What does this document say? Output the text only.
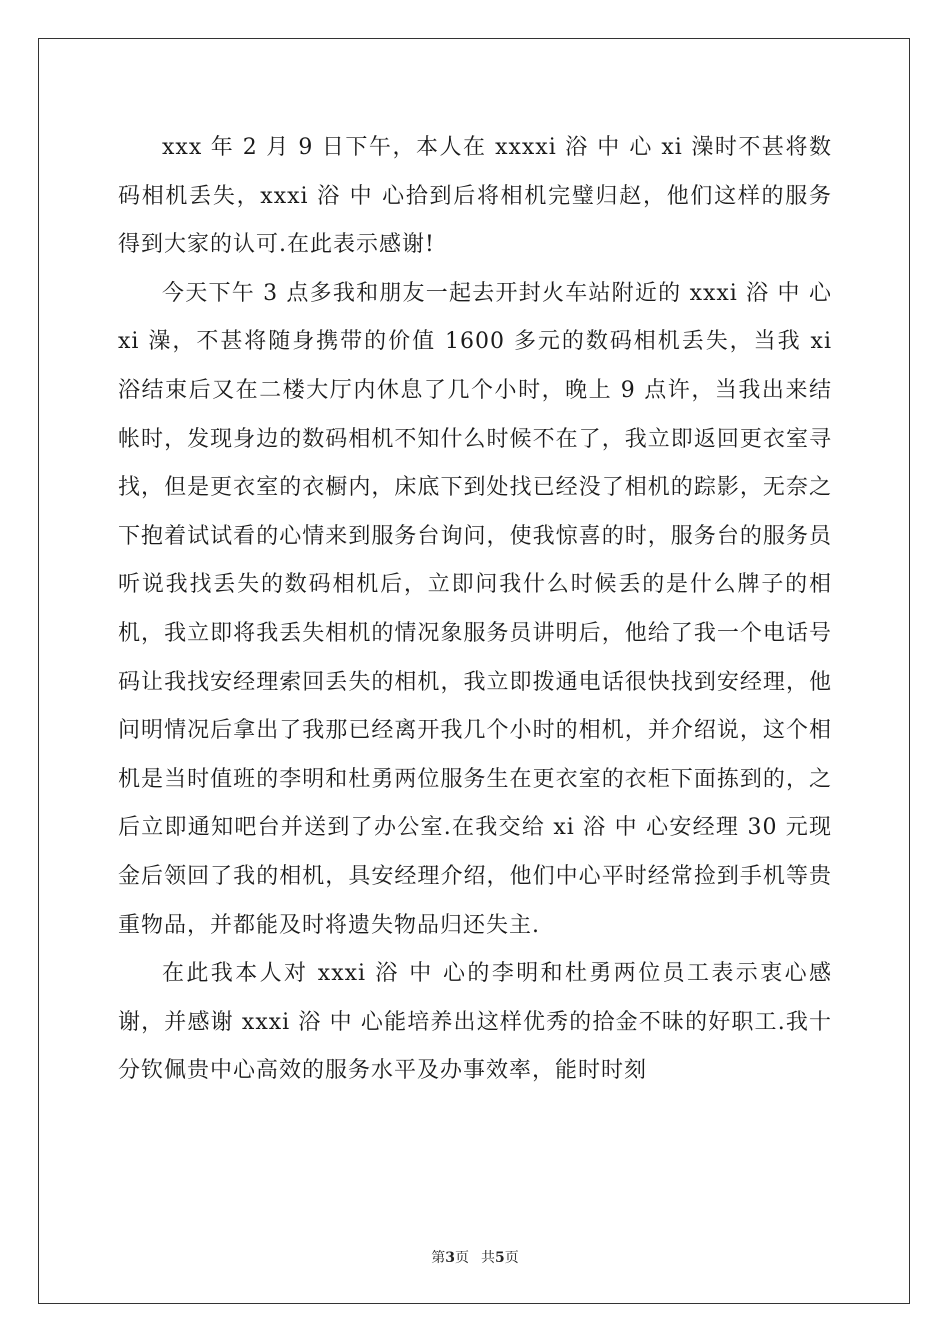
xxx 年 2 月 9 日下午，本人在 xxxxi 浴 中 心 xi 澡时不甚将数码相机丢失，xxxi 浴 中 心拾到后将相机完璧归赵，他们这样的服务得到大家的认可.在此表示感谢!

今天下午 3 点多我和朋友一起去开封火车站附近的 xxxi 浴 中 心 xi 澡，不甚将随身携带的价值 1600 多元的数码相机丢失，当我 xi 浴结束后又在二楼大厅内休息了几个小时，晚上 9 点许，当我出来结帐时，发现身边的数码相机不知什么时候不在了，我立即返回更衣室寻找，但是更衣室的衣橱内，床底下到处找已经没了相机的踪影，无奈之下抱着试试看的心情来到服务台询问，使我惊喜的时，服务台的服务员听说我找丢失的数码相机后，立即问我什么时候丢的是什么牌子的相机，我立即将我丢失相机的情况象服务员讲明后，他给了我一个电话号码让我找安经理索回丢失的相机，我立即拨通电话很快找到安经理，他问明情况后拿出了我那已经离开我几个小时的相机，并介绍说，这个相机是当时值班的李明和杜勇两位服务生在更衣室的衣柜下面拣到的，之后立即通知吧台并送到了办公室.在我交给 xi 浴 中 心安经理 30 元现金后领回了我的相机，具安经理介绍，他们中心平时经常捡到手机等贵重物品，并都能及时将遗失物品归还失主.

在此我本人对 xxxi 浴 中 心的李明和杜勇两位员工表示衷心感谢，并感谢 xxxi 浴 中 心能培养出这样优秀的拾金不昧的好职工.我十分钦佩贵中心高效的服务水平及办事效率，能时时刻

第3页 共5页
